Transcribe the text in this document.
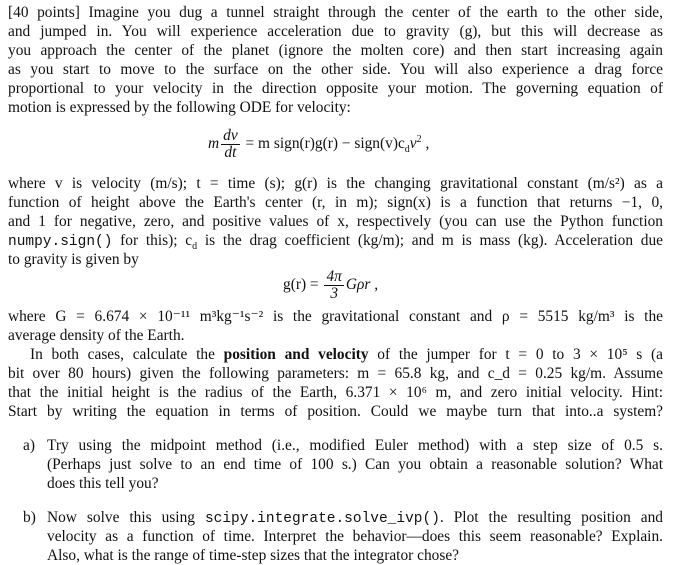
[40 points] Imagine you dug a tunnel straight through the center of the earth to the other side,
and jumped in. You will experience acceleration due to gravity (g), but this will decrease as
you approach the center of the planet (ignore the molten core) and then start increasing again
as you start to move to the surface on the other side. You will also experience a drag force
proportional to your velocity in the direction opposite your motion. The governing equation of
motion is expressed by the following ODE for velocity:
m $\frac{dv}{dt} = m$ sign(r)g(r) − $sign(v)c_dv^2$ ,
where v is velocity (m/s); t = time (s); g(r) is the changing gravitational constant (m/s²) as a
function of height above the Earth's center (r, in m); sign(x) is a function that returns −1, 0,
and 1 for negative, zero, and positive values of x, respectively (you can use the Python function
numpy.sign() for this); $c_d$ is the drag coefficient (kg/m); and m is mass (kg). Acceleration due
to gravity is given by
$g(r) = \frac{4\pi}{3}$ Gρr ,
where G = 6.674 × 10⁻¹¹ m³kg⁻¹s⁻² is the gravitational constant and ρ = 5515 kg/m³ is the
average density of the Earth.
In both cases, calculate the position and velocity of the jumper for t = 0 to 3 × 10⁵ s (a
bit over 80 hours) given the following parameters: m = 65.8 kg, and c_d = 0.25 kg/m. Assume
that the initial height is the radius of the Earth, 6.371 × 10⁶ m, and zero initial velocity. Hint:
Start by writing the equation in terms of position. Could we maybe turn that into..a system?
a) Try using the midpoint method (i.e., modified Euler method) with a step size of 0.5 s.
(Perhaps just solve to an end time of 100 s.) Can you obtain a reasonable solution? What
does this tell you?
b) Now solve this using scipy.integrate.solve_ivp(). Plot the resulting position and
velocity as a function of time. Interpret the behavior—does this seem reasonable? Explain.
Also, what is the range of time-step sizes that the integrator chose?
